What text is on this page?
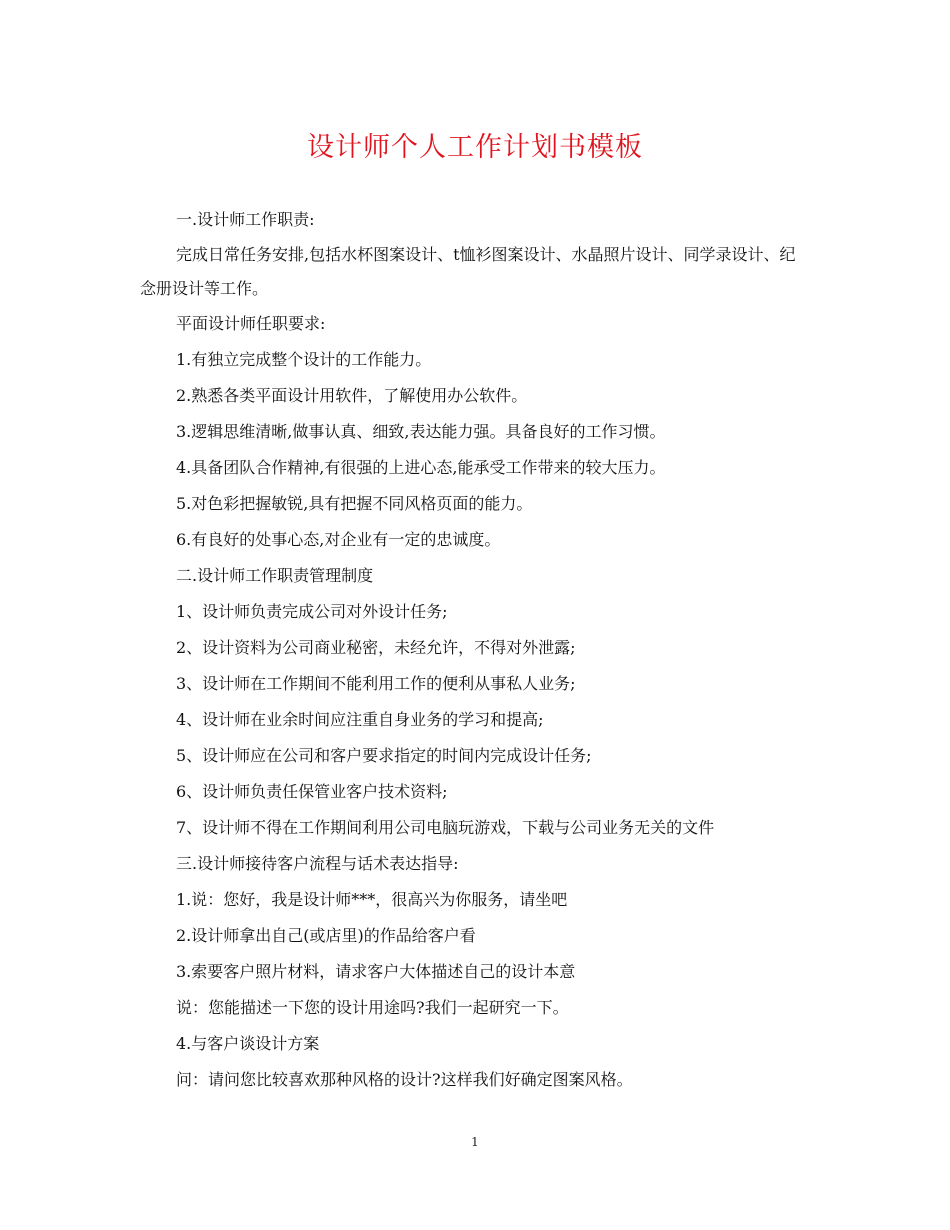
设计师个人工作计划书模板

一.设计师工作职责:

完成日常任务安排,包括水杯图案设计、t恤衫图案设计、水晶照片设计、同学录设计、纪念册设计等工作。

平面设计师任职要求:

1.有独立完成整个设计的工作能力。

2.熟悉各类平面设计用软件，了解使用办公软件。

3.逻辑思维清晰,做事认真、细致,表达能力强。具备良好的工作习惯。

4.具备团队合作精神,有很强的上进心态,能承受工作带来的较大压力。

5.对色彩把握敏锐,具有把握不同风格页面的能力。

6.有良好的处事心态,对企业有一定的忠诚度。

二.设计师工作职责管理制度

1、设计师负责完成公司对外设计任务;

2、设计资料为公司商业秘密，未经允许，不得对外泄露;

3、设计师在工作期间不能利用工作的便利从事私人业务;

4、设计师在业余时间应注重自身业务的学习和提高;

5、设计师应在公司和客户要求指定的时间内完成设计任务;

6、设计师负责任保管业客户技术资料;

7、设计师不得在工作期间利用公司电脑玩游戏，下载与公司业务无关的文件

三.设计师接待客户流程与话术表达指导:

1.说：您好，我是设计师***，很高兴为你服务，请坐吧

2.设计师拿出自己(或店里)的作品给客户看

3.索要客户照片材料，请求客户大体描述自己的设计本意

说：您能描述一下您的设计用途吗?我们一起研究一下。

4.与客户谈设计方案

问：请问您比较喜欢那种风格的设计?这样我们好确定图案风格。

1
